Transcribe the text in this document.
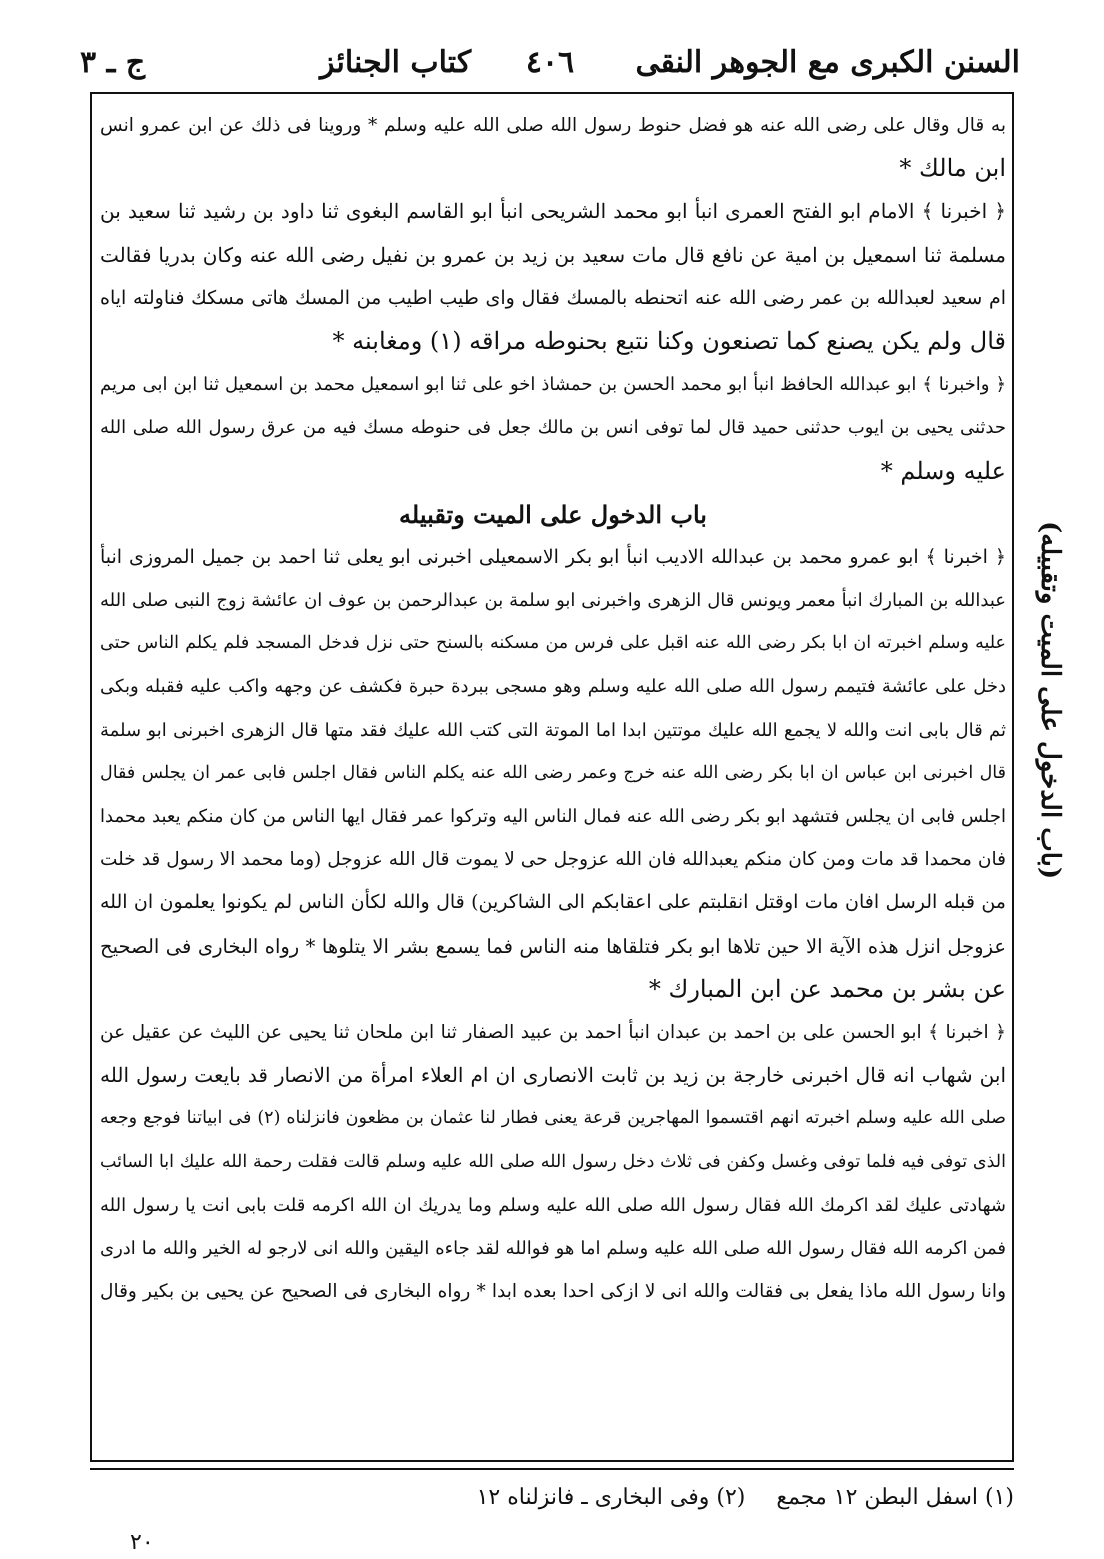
السنن الكبرى مع الجوهر النقى
٤٠٦
كتاب الجنائز
ج ـ ٣
به قال وقال على رضى الله عنه هو فضل حنوط رسول الله صلى الله عليه وسلم * وروينا فى ذلك عن ابن عمرو انس
ابن مالك *
﴿ اخبرنا ﴾ الامام ابو الفتح العمرى انبأ ابو محمد الشريحى انبأ ابو القاسم البغوى ثنا داود بن رشيد ثنا سعيد بن
مسلمة ثنا اسمعيل بن امية عن نافع قال مات سعيد بن زيد بن عمرو بن نفيل رضى الله عنه وكان بدريا فقالت
ام سعيد لعبدالله بن عمر رضى الله عنه اتحنطه بالمسك فقال واى طيب اطيب من المسك هاتى مسكك فناولته اياه
قال ولم يكن يصنع كما تصنعون وكنا نتبع بحنوطه مراقه (١) ومغابنه *
﴿ واخبرنا ﴾ ابو عبدالله الحافظ انبأ ابو محمد الحسن بن حمشاذ اخو على ثنا ابو اسمعيل محمد بن اسمعيل ثنا ابن ابى مريم
حدثنى يحيى بن ايوب حدثنى حميد قال لما توفى انس بن مالك جعل فى حنوطه مسك فيه من عرق رسول الله صلى الله
عليه وسلم *
باب الدخول على الميت وتقبيله
﴿ اخبرنا ﴾ ابو عمرو محمد بن عبدالله الاديب انبأ ابو بكر الاسمعيلى اخبرنى ابو يعلى ثنا احمد بن جميل المروزى انبأ
عبدالله بن المبارك انبأ معمر ويونس قال الزهرى واخبرنى ابو سلمة بن عبدالرحمن بن عوف ان عائشة زوج النبى صلى الله
عليه وسلم اخبرته ان ابا بكر رضى الله عنه اقبل على فرس من مسكنه بالسنح حتى نزل فدخل المسجد فلم يكلم الناس حتى
دخل على عائشة فتيمم رسول الله صلى الله عليه وسلم وهو مسجى ببردة حبرة فكشف عن وجهه واكب عليه فقبله وبكى
ثم قال بابى انت والله لا يجمع الله عليك موتتين ابدا اما الموتة التى كتب الله عليك فقد متها قال الزهرى اخبرنى ابو سلمة
قال اخبرنى ابن عباس ان ابا بكر رضى الله عنه خرج وعمر رضى الله عنه يكلم الناس فقال اجلس فابى عمر ان يجلس فقال
اجلس فابى ان يجلس فتشهد ابو بكر رضى الله عنه فمال الناس اليه وتركوا عمر فقال ايها الناس من كان منكم يعبد محمدا
فان محمدا قد مات ومن كان منكم يعبدالله فان الله عزوجل حى لا يموت قال الله عزوجل (وما محمد الا رسول قد خلت
من قبله الرسل افان مات اوقتل انقلبتم على اعقابكم الى الشاكرين) قال والله لكأن الناس لم يكونوا يعلمون ان الله
عزوجل انزل هذه الآية الا حين تلاها ابو بكر فتلقاها منه الناس فما يسمع بشر الا يتلوها * رواه البخارى فى الصحيح
عن بشر بن محمد عن ابن المبارك *
﴿ اخبرنا ﴾ ابو الحسن على بن احمد بن عبدان انبأ احمد بن عبيد الصفار ثنا ابن ملحان ثنا يحيى عن الليث عن عقيل عن
ابن شهاب انه قال اخبرنى خارجة بن زيد بن ثابت الانصارى ان ام العلاء امرأة من الانصار قد بايعت رسول الله
صلى الله عليه وسلم اخبرته انهم اقتسموا المهاجرين قرعة يعنى فطار لنا عثمان بن مظعون فانزلناه (٢) فى ابياتنا فوجع وجعه
الذى توفى فيه فلما توفى وغسل وكفن فى ثلاث دخل رسول الله صلى الله عليه وسلم قالت فقلت رحمة الله عليك ابا السائب
شهادتى عليك لقد اكرمك الله فقال رسول الله صلى الله عليه وسلم وما يدريك ان الله اكرمه قلت بابى انت يا رسول الله
فمن اكرمه الله فقال رسول الله صلى الله عليه وسلم اما هو فوالله لقد جاءه اليقين والله انى لارجو له الخير والله ما ادرى
وانا رسول الله ماذا يفعل بى فقالت والله انى لا ازكى احدا بعده ابدا * رواه البخارى فى الصحيح عن يحيى بن بكير وقال
(باب الدخول على الميت وتقبيله)
(١) اسفل البطن ١٢ مجمع (٢) وفى البخارى ـ فانزلناه ١٢
٢٠
